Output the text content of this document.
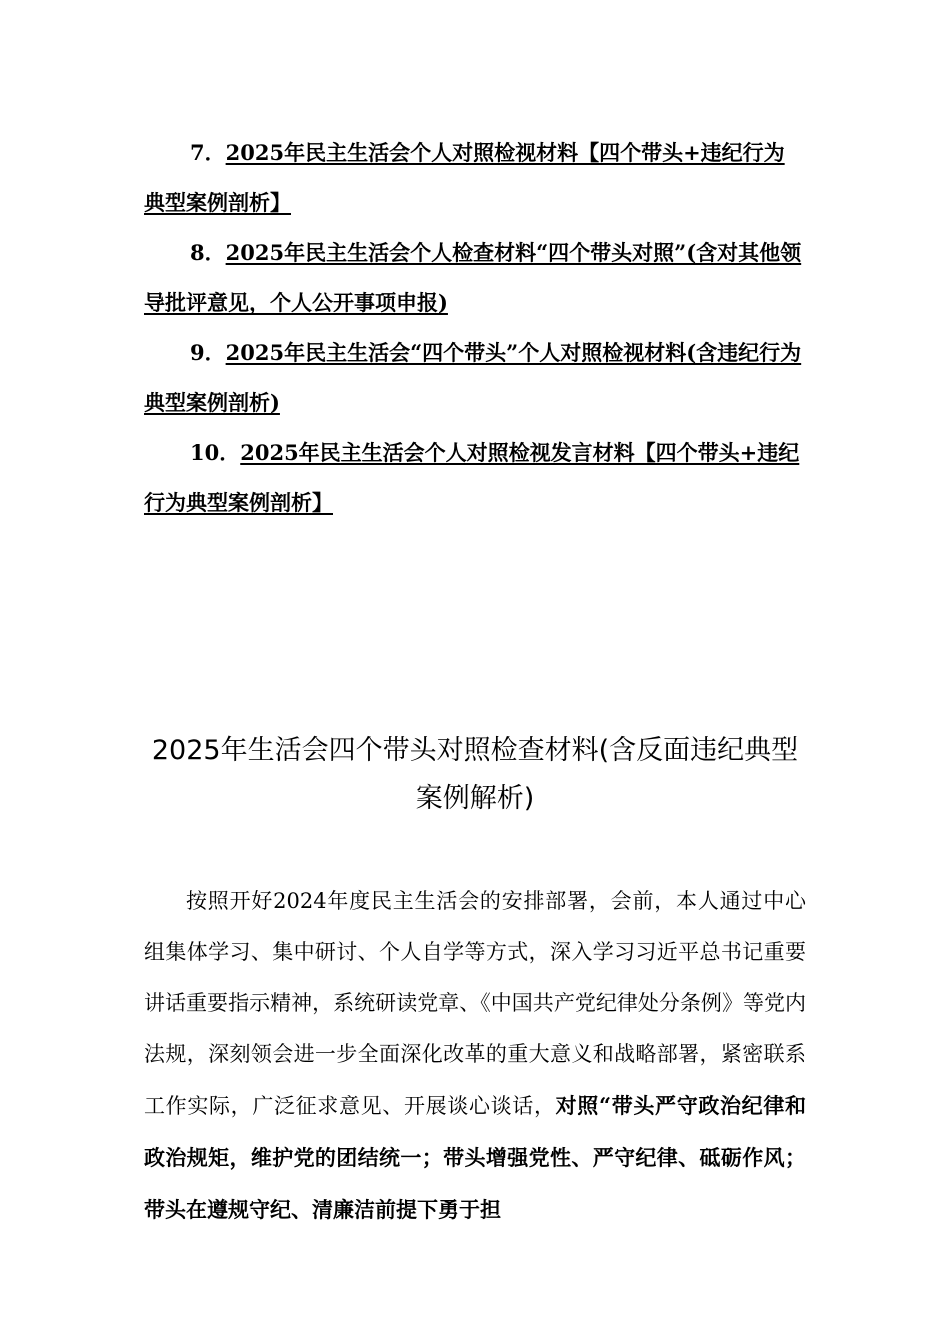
7．2025年民主生活会个人对照检视材料【四个带头+违纪行为典型案例剖析】

8．2025年民主生活会个人检查材料“四个带头对照”(含对其他领导批评意见，个人公开事项申报)

9．2025年民主生活会“四个带头”个人对照检视材料(含违纪行为典型案例剖析)

10．2025年民主生活会个人对照检视发言材料【四个带头+违纪行为典型案例剖析】

2025年生活会四个带头对照检查材料(含反面违纪典型案例解析)

按照开好2024年度民主生活会的安排部署，会前，本人通过中心组集体学习、集中研讨、个人自学等方式，深入学习习近平总书记重要讲话重要指示精神，系统研读党章、《中国共产党纪律处分条例》等党内法规，深刻领会进一步全面深化改革的重大意义和战略部署，紧密联系工作实际，广泛征求意见、开展谈心谈话，对照“带头严守政治纪律和政治规矩，维护党的团结统一；带头增强党性、严守纪律、砥砺作风；带头在遵规守纪、清廉洁前提下勇于担
